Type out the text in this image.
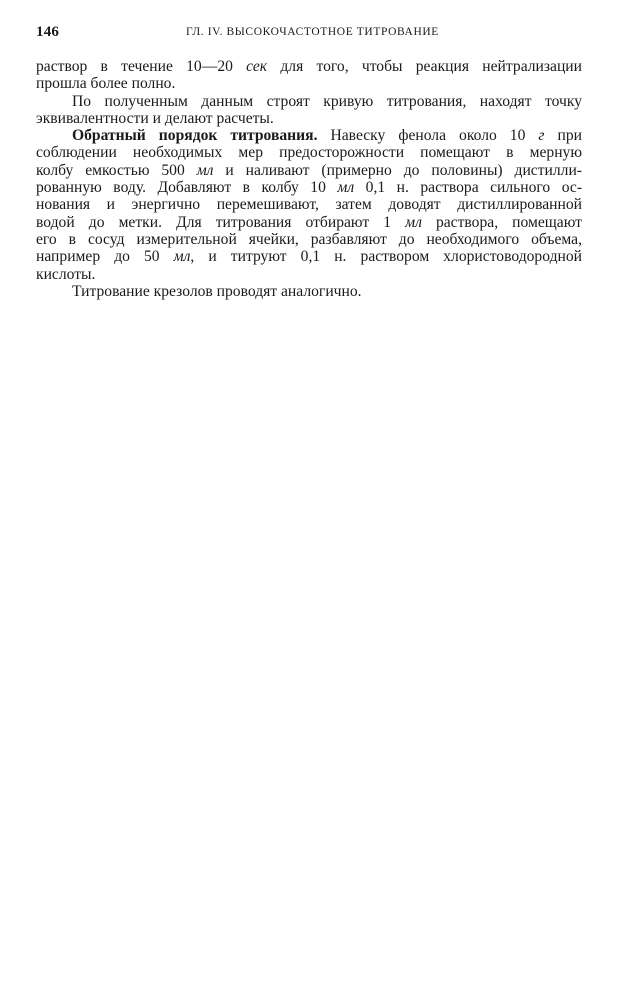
146	ГЛ. IV. ВЫСОКОЧАСТОТНОЕ ТИТРОВАНИЕ
раствор в течение 10—20 сек для того, чтобы реакция нейтрализации
прошла более полно.
По полученным данным строят кривую титрования, находят точку
эквивалентности и делают расчеты.
Обратный порядок титрования. Навеску фенола около 10 г при
соблюдении необходимых мер предосторожности помещают в мерную
колбу емкостью 500 мл и наливают (примерно до половины) дистилли-
рованную воду. Добавляют в колбу 10 мл 0,1 н. раствора сильного ос-
нования и энергично перемешивают, затем доводят дистиллированной
водой до метки. Для титрования отбирают 1 мл раствора, помещают
его в сосуд измерительной ячейки, разбавляют до необходимого объема,
например до 50 мл, и титруют 0,1 н. раствором хлористоводородной
кислоты.
Титрование крезолов проводят аналогично.
